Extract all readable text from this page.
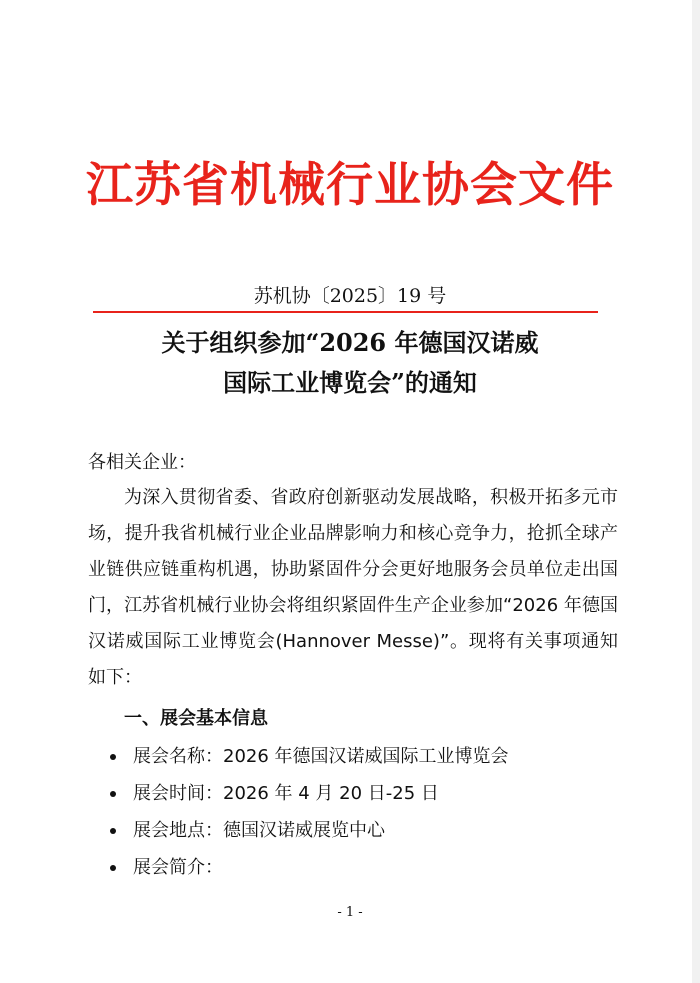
江苏省机械行业协会文件
苏机协〔2025〕19 号
关于组织参加“2026 年德国汉诺威
国际工业博览会”的通知
各相关企业：
为深入贯彻省委、省政府创新驱动发展战略，积极开拓多元市场，提升我省机械行业企业品牌影响力和核心竞争力，抢抓全球产业链供应链重构机遇，协助紧固件分会更好地服务会员单位走出国门，江苏省机械行业协会将组织紧固件生产企业参加“2026 年德国汉诺威国际工业博览会(Hannover Messe)”。现将有关事项通知如下：
一、展会基本信息
展会名称：2026 年德国汉诺威国际工业博览会
展会时间：2026 年 4 月 20 日-25 日
展会地点：德国汉诺威展览中心
展会简介：
- 1 -
